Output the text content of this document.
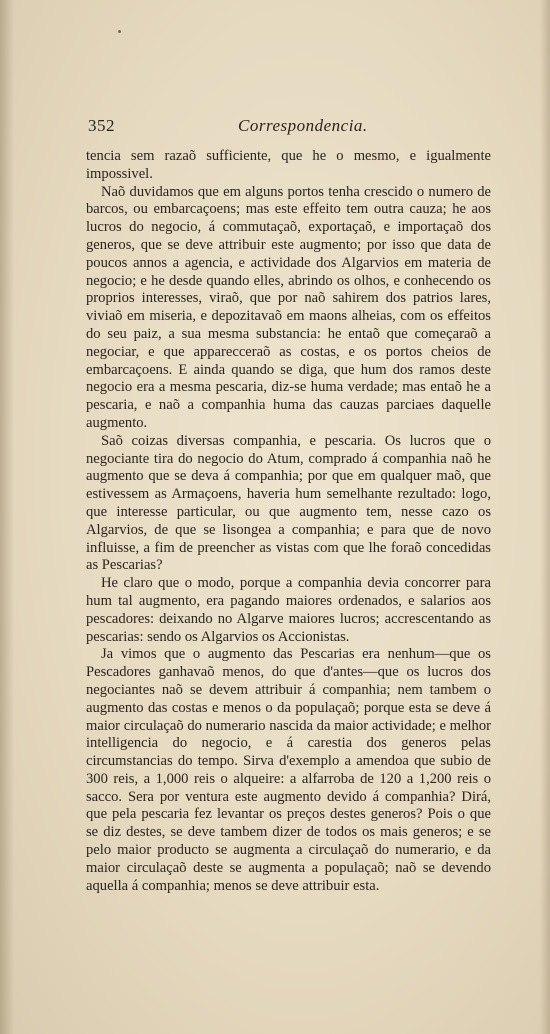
352	Correspondencia.

tencia sem razaõ sufficiente, que he o mesmo, e igualmente impossivel.

Naõ duvidamos que em alguns portos tenha crescido o numero de barcos, ou embarcaçoens; mas este effeito tem outra cauza; he aos lucros do negocio, á commutaçaõ, exportaçaõ, e importaçaõ dos generos, que se deve attribuir este augmento; por isso que data de poucos annos a agencia, e actividade dos Algarvios em materia de negocio; e he desde quando elles, abrindo os olhos, e conhecendo os proprios interesses, viraõ, que por naõ sahirem dos patrios lares, viviaõ em miseria, e depozitavaõ em maons alheias, com os effeitos do seu paiz, a sua mesma substancia: he entaõ que começaraõ a negociar, e que apparecceraõ as costas, e os portos cheios de embarcaçoens. E ainda quando se diga, que hum dos ramos deste negocio era a mesma pescaria, diz-se huma verdade; mas entaõ he a pescaria, e naõ a companhia huma das cauzas parciaes daquelle augmento.

Saõ coizas diversas companhia, e pescaria. Os lucros que o negociante tira do negocio do Atum, comprado á companhia naõ he augmento que se deva á companhia; por que em qualquer maõ, que estivessem as Armaçoens, haveria hum semelhante rezultado: logo, que interesse particular, ou que augmento tem, nesse cazo os Algarvios, de que se lisongea a companhia; e para que de novo influisse, a fim de preencher as vistas com que lhe foraõ concedidas as Pescarias?

He claro que o modo, porque a companhia devia concorrer para hum tal augmento, era pagando maiores ordenados, e salarios aos pescadores: deixando no Algarve maiores lucros; accrescentando as pescarias: sendo os Algarvios os Accionistas.

Ja vimos que o augmento das Pescarias era nenhum—que os Pescadores ganhavaõ menos, do que d'antes—que os lucros dos negociantes naõ se devem attribuir á companhia; nem tambem o augmento das costas e menos o da populaçaõ; porque esta se deve á maior circulaçaõ do numerario nascida da maior actividade; e melhor intelligencia do negocio, e á carestia dos generos pelas circumstancias do tempo. Sirva d'exemplo a amendoa que subio de 300 reis, a 1,000 reis o alqueire: a alfarroba de 120 a 1,200 reis o sacco. Sera por ventura este augmento devido á companhia? Dirá, que pela pescaria fez levantar os preços destes generos? Pois o que se diz destes, se deve tambem dizer de todos os mais generos; e se pelo maior producto se augmenta a circulaçaõ do numerario, e da maior circulaçaõ deste se augmenta a populaçaõ; naõ se devendo aquella á companhia; menos se deve attribuir esta.
